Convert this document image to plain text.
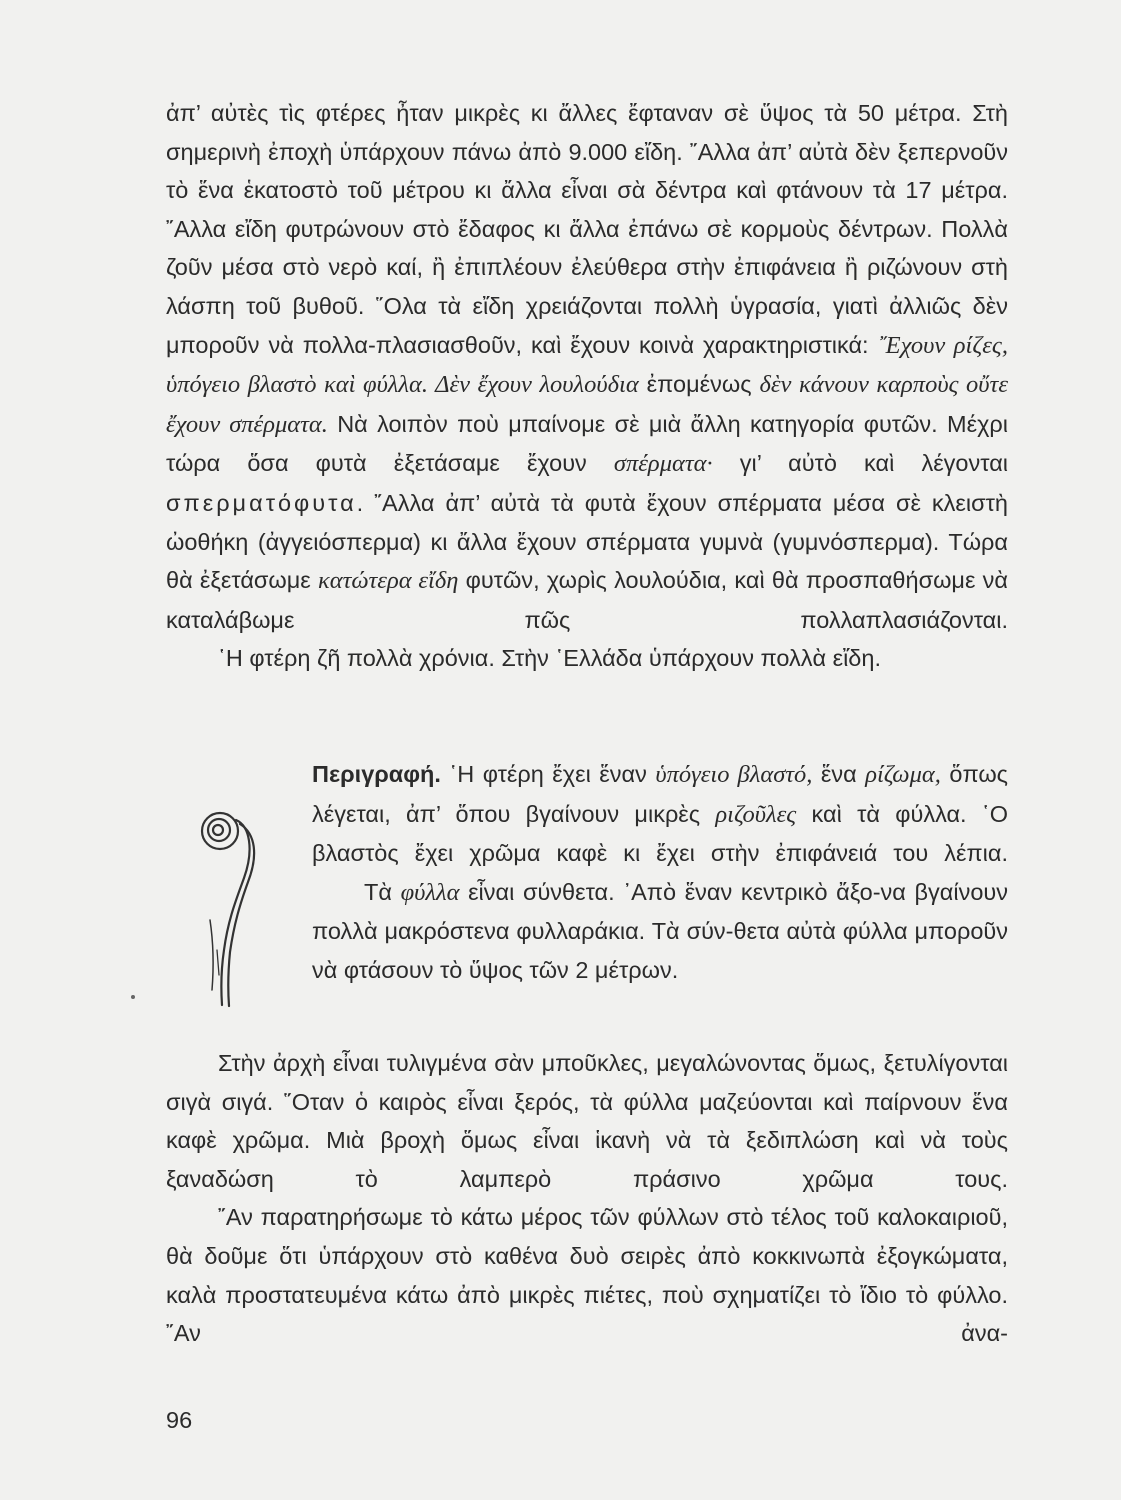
ἀπ’ αὐτὲς τὶς φτέρες ἦταν μικρὲς κι ἄλλες ἔφταναν σὲ ὕψος τὰ 50 μέτρα. Στὴ σημερινὴ ἐποχὴ ὑπάρχουν πάνω ἀπὸ 9.000 εἴδη. ῎Αλλα ἀπ’ αὐτὰ δὲν ξεπερνοῦν τὸ ἕνα ἑκατοστὸ τοῦ μέτρου κι ἄλλα εἶναι σὰ δέντρα καὶ φτάνουν τὰ 17 μέτρα. ῎Αλλα εἴδη φυτρώνουν στὸ ἔδαφος κι ἄλλα ἐπάνω σὲ κορμοὺς δέντρων. Πολλὰ ζοῦν μέσα στὸ νερὸ καί, ἢ ἐπιπλέουν ἐλεύθερα στὴν ἐπιφάνεια ἢ ριζώνουν στὴ λάσπη τοῦ βυθοῦ. ῞Ολα τὰ εἴδη χρειάζονται πολλὴ ὑγρασία, γιατὶ ἀλλιῶς δὲν μποροῦν νὰ πολλα-πλασιασθοῦν, καὶ ἔχουν κοινὰ χαρακτηριστικά: ῎Εχουν ρίζες, ὑπόγειο βλαστὸ καὶ φύλλα. Δὲν ἔχουν λουλούδια ἐπομένως δὲν κάνουν καρποὺς οὔτε ἔχουν σπέρματα. Νὰ λοιπὸν ποὺ μπαίνομε σὲ μιὰ ἄλλη κατηγορία φυτῶν. Μέχρι τώρα ὅσα φυτὰ ἐξετάσαμε ἔχουν σπέρματα· γι’ αὐτὸ καὶ λέγονται σπερματόφυτα. ῎Αλλα ἀπ’ αὐτὰ τὰ φυτὰ ἔχουν σπέρματα μέσα σὲ κλειστὴ ὠοθήκη (ἀγγειόσπερμα) κι ἄλλα ἔχουν σπέρματα γυμνὰ (γυμνόσπερμα). Τώρα θὰ ἐξετάσωμε κατώτερα εἴδη φυτῶν, χωρὶς λουλούδια, καὶ θὰ προσπαθήσωμε νὰ καταλάβωμε πῶς πολλαπλασιάζονται.

῾Η φτέρη ζῆ πολλὰ χρόνια. Στὴν ῾Ελλάδα ὑπάρχουν πολλὰ εἴδη.

Περιγραφή. ῾Η φτέρη ἔχει ἕναν ὑπόγειο βλαστό, ἕνα ρίζωμα, ὅπως λέγεται, ἀπ’ ὅπου βγαίνουν μικρὲς ριζοῦλες καὶ τὰ φύλλα. ῾Ο βλαστὸς ἔχει χρῶμα καφὲ κι ἔχει στὴν ἐπιφάνειά του λέπια.

Τὰ φύλλα εἶναι σύνθετα. ᾿Απὸ ἕναν κεντρικὸ ἄξο-να βγαίνουν πολλὰ μακρόστενα φυλλαράκια. Τὰ σύν-θετα αὐτὰ φύλλα μποροῦν νὰ φτάσουν τὸ ὕψος τῶν 2 μέτρων.

Στὴν ἀρχὴ εἶναι τυλιγμένα σὰν μποῦκλες, μεγαλώνοντας ὅμως, ξετυλίγονται σιγὰ σιγά. ῞Οταν ὁ καιρὸς εἶναι ξερός, τὰ φύλλα μαζεύονται καὶ παίρνουν ἕνα καφὲ χρῶμα. Μιὰ βροχὴ ὅμως εἶναι ἱκανὴ νὰ τὰ ξεδιπλώση καὶ νὰ τοὺς ξαναδώση τὸ λαμπερὸ πράσινο χρῶμα τους.

῎Αν παρατηρήσωμε τὸ κάτω μέρος τῶν φύλλων στὸ τέλος τοῦ καλοκαιριοῦ, θὰ δοῦμε ὅτι ὑπάρχουν στὸ καθένα δυὸ σειρὲς ἀπὸ κοκκινωπὰ ἐξογκώματα, καλὰ προστατευμένα κάτω ἀπὸ μικρὲς πιέτες, ποὺ σχηματίζει τὸ ἴδιο τὸ φύλλο. ῎Αν ἀνα-

96
